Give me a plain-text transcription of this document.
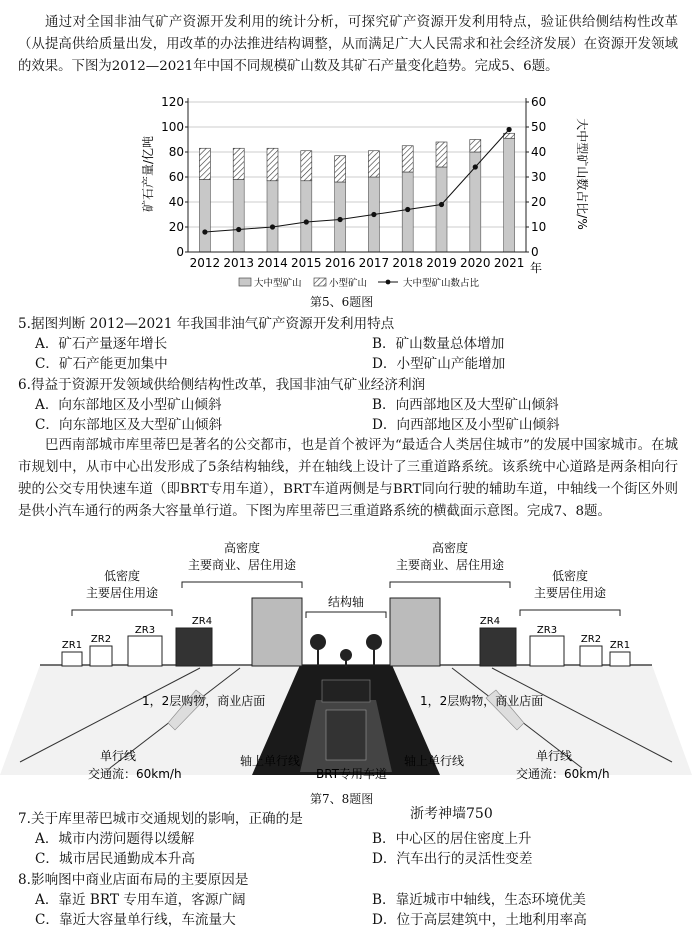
通过对全国非油气矿产资源开发利用的统计分析，可探究矿产资源开发利用特点，验证供给侧结构性改革（从提高供给质量出发，用改革的办法推进结构调整，从而满足广大人民需求和社会经济发展）在资源开发领域的效果。下图为2012—2021年中国不同规模矿山数及其矿石产量变化趋势。完成5、6题。
0
20
40
60
80
100
120
0
10
20
30
40
50
60
2012 2013 2014 2015 2016 2017 2018 2019 2020 2021
矿石产量/亿吨	大中型矿山数占比/%
年
大中型矿山	小型矿山	大中型矿山数占比
第5、6题图
5.据图判断 2012—2021 年我国非油气矿产资源开发利用特点
A．矿石产量逐年增长	B．矿山数量总体增加
C．矿石产能更加集中	D．小型矿山产能增加
6.得益于资源开发领域供给侧结构性改革，我国非油气矿业经济利润
A．向东部地区及小型矿山倾斜	B．向西部地区及大型矿山倾斜
C．向东部地区及大型矿山倾斜	D．向西部地区及小型矿山倾斜
巴西南部城市库里蒂巴是著名的公交都市，也是首个被评为“最适合人类居住城市”的发展中国家城市。在城市规划中，从市中心出发形成了5条结构轴线，并在轴线上设计了三重道路系统。该系统中心道路是两条相向行驶的公交专用快速车道（即BRT专用车道），BRT车道两侧是与BRT同向行驶的辅助车道，中轴线一个街区外则是供小汽车通行的两条大容量单行道。下图为库里蒂巴三重道路系统的横截面示意图。完成7、8题。
低密度
主要居住用途
高密度
主要商业、居住用途
结构轴
高密度
主要商业、居住用途
低密度
主要居住用途
ZR1
ZR2
ZR3
ZR4
ZR1
ZR2
ZR3
ZR4
1，2层购物，商业店面	1，2层购物，商业店面
单行线
交通流：60km/h
轴上单行线
BRT专用车道
轴上单行线	单行线
交通流：60km/h
第7、8题图
浙考神墙750
7.关于库里蒂巴城市交通规划的影响，正确的是
A．城市内涝问题得以缓解	B．中心区的居住密度上升
C．城市居民通勤成本升高	D．汽车出行的灵活性变差
8.影响图中商业店面布局的主要原因是
A．靠近 BRT 专用车道，客源广阔	B．靠近城市中轴线，生态环境优美
C．靠近大容量单行线，车流量大	D．位于高层建筑中，土地利用率高
